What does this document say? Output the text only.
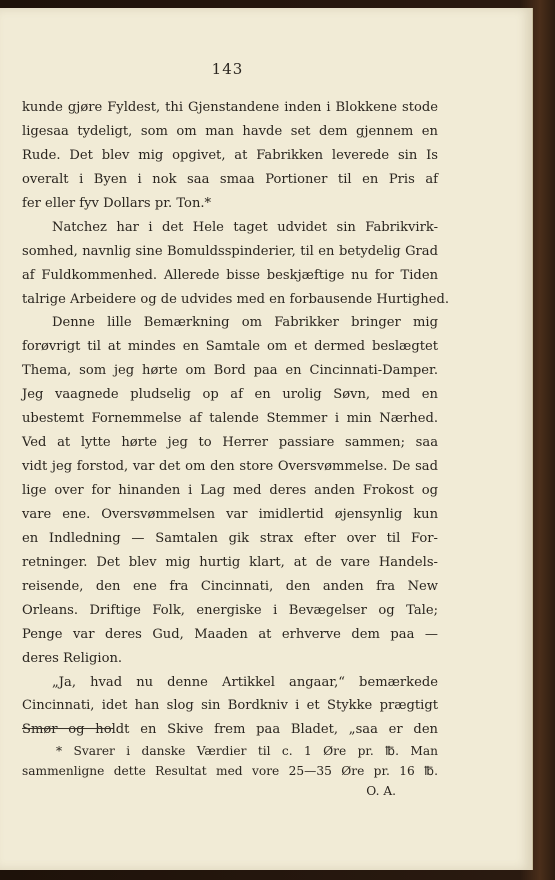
143
kunde gjøre Fyldest, thi Gjenstandene inden i Blokkene stode
ligesaa tydeligt, som om man havde set dem gjennem en
Rude. Det blev mig opgivet, at Fabrikken leverede sin Is
overalt i Byen i nok saa smaa Portioner til en Pris af
fer eller fyv Dollars pr. Ton.*
Natchez har i det Hele taget udvidet sin Fabrikvirk-
somhed, navnlig sine Bomuldsspinderier, til en betydelig Grad
af Fuldkommenhed. Allerede bisse beskjæftige nu for Tiden
talrige Arbeidere og de udvides med en forbausende Hurtighed.
Denne lille Bemærkning om Fabrikker bringer mig
forøvrigt til at mindes en Samtale om et dermed beslægtet
Thema, som jeg hørte om Bord paa en Cincinnati-Damper.
Jeg vaagnede pludselig op af en urolig Søvn, med en
ubestemt Fornemmelse af talende Stemmer i min Nærhed.
Ved at lytte hørte jeg to Herrer passiare sammen; saa
vidt jeg forstod, var det om den store Oversvømmelse. De sad
lige over for hinanden i Lag med deres anden Frokost og
vare ene. Oversvømmelsen var imidlertid øjensynlig kun
en Indledning — Samtalen gik strax efter over til For-
retninger. Det blev mig hurtig klart, at de vare Handels-
reisende, den ene fra Cincinnati, den anden fra New
Orleans. Driftige Folk, energiske i Bevægelser og Tale;
Penge var deres Gud, Maaden at erhverve dem paa —
deres Religion.
„Ja, hvad nu denne Artikkel angaar,“ bemærkede
Cincinnati, idet han slog sin Bordkniv i et Stykke prægtigt
Smør og holdt en Skive frem paa Bladet, „saa er den
* Svarer i danske Værdier til c. 1 Øre pr. ℔. Man
sammenligne dette Resultat med vore 25—35 Øre pr. 16 ℔.
O. A.
